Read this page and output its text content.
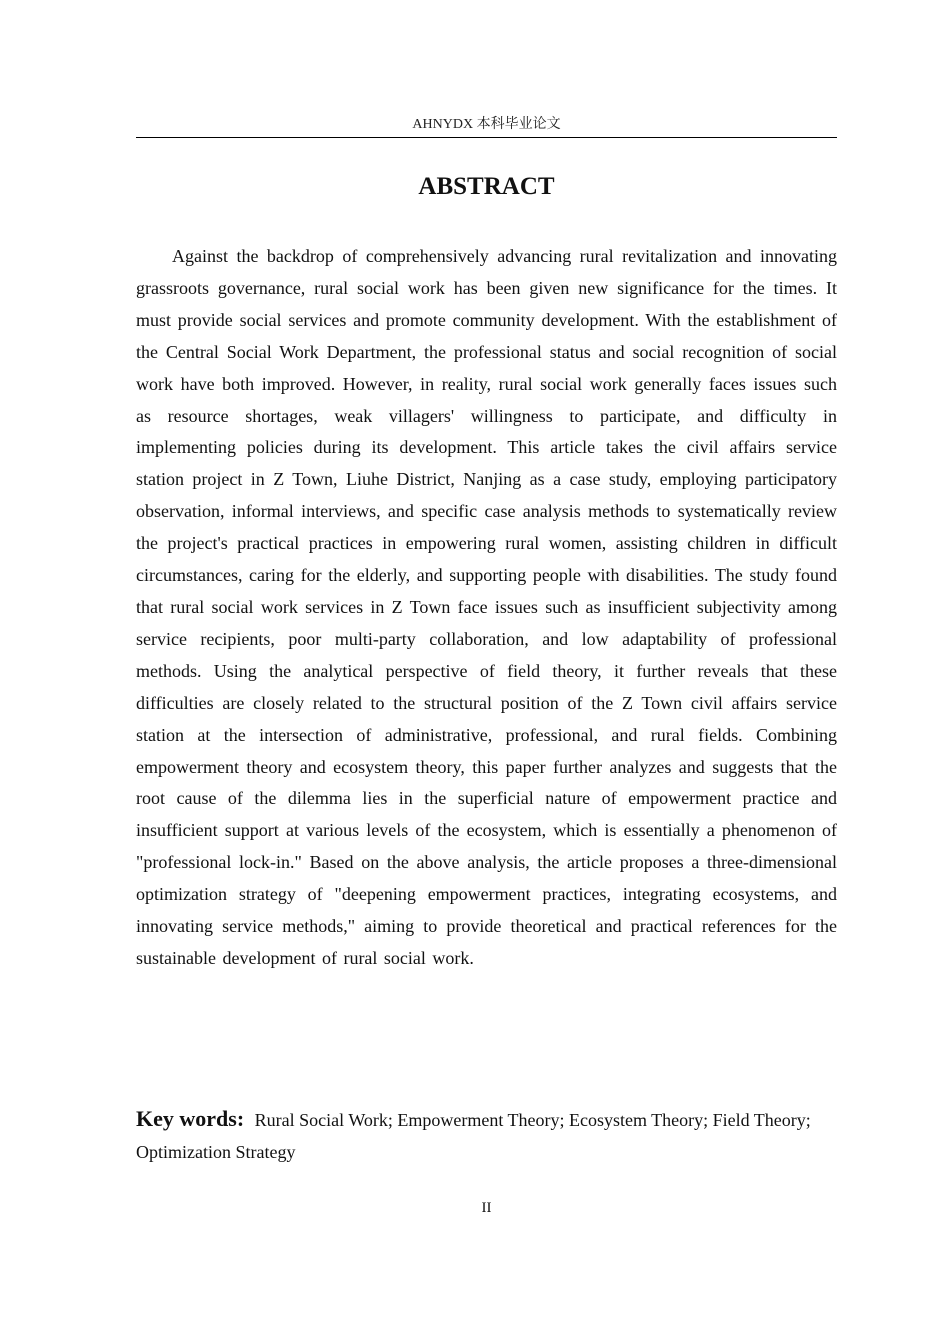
AHNYDX 本科毕业论文
ABSTRACT

Against the backdrop of comprehensively advancing rural revitalization and innovating grassroots governance, rural social work has been given new significance for the times. It must provide social services and promote community development. With the establishment of the Central Social Work Department, the professional status and social recognition of social work have both improved. However, in reality, rural social work generally faces issues such as resource shortages, weak villagers' willingness to participate, and difficulty in implementing policies during its development. This article takes the civil affairs service station project in Z Town, Liuhe District, Nanjing as a case study, employing participatory observation, informal interviews, and specific case analysis methods to systematically review the project's practical practices in empowering rural women, assisting children in difficult circumstances, caring for the elderly, and supporting people with disabilities. The study found that rural social work services in Z Town face issues such as insufficient subjectivity among service recipients, poor multi-party collaboration, and low adaptability of professional methods. Using the analytical perspective of field theory, it further reveals that these difficulties are closely related to the structural position of the Z Town civil affairs service station at the intersection of administrative, professional, and rural fields. Combining empowerment theory and ecosystem theory, this paper further analyzes and suggests that the root cause of the dilemma lies in the superficial nature of empowerment practice and insufficient support at various levels of the ecosystem, which is essentially a phenomenon of "professional lock-in." Based on the above analysis, the article proposes a three-dimensional optimization strategy of "deepening empowerment practices, integrating ecosystems, and innovating service methods," aiming to provide theoretical and practical references for the sustainable development of rural social work.

Key words: Rural Social Work; Empowerment Theory; Ecosystem Theory; Field Theory; Optimization Strategy

II
